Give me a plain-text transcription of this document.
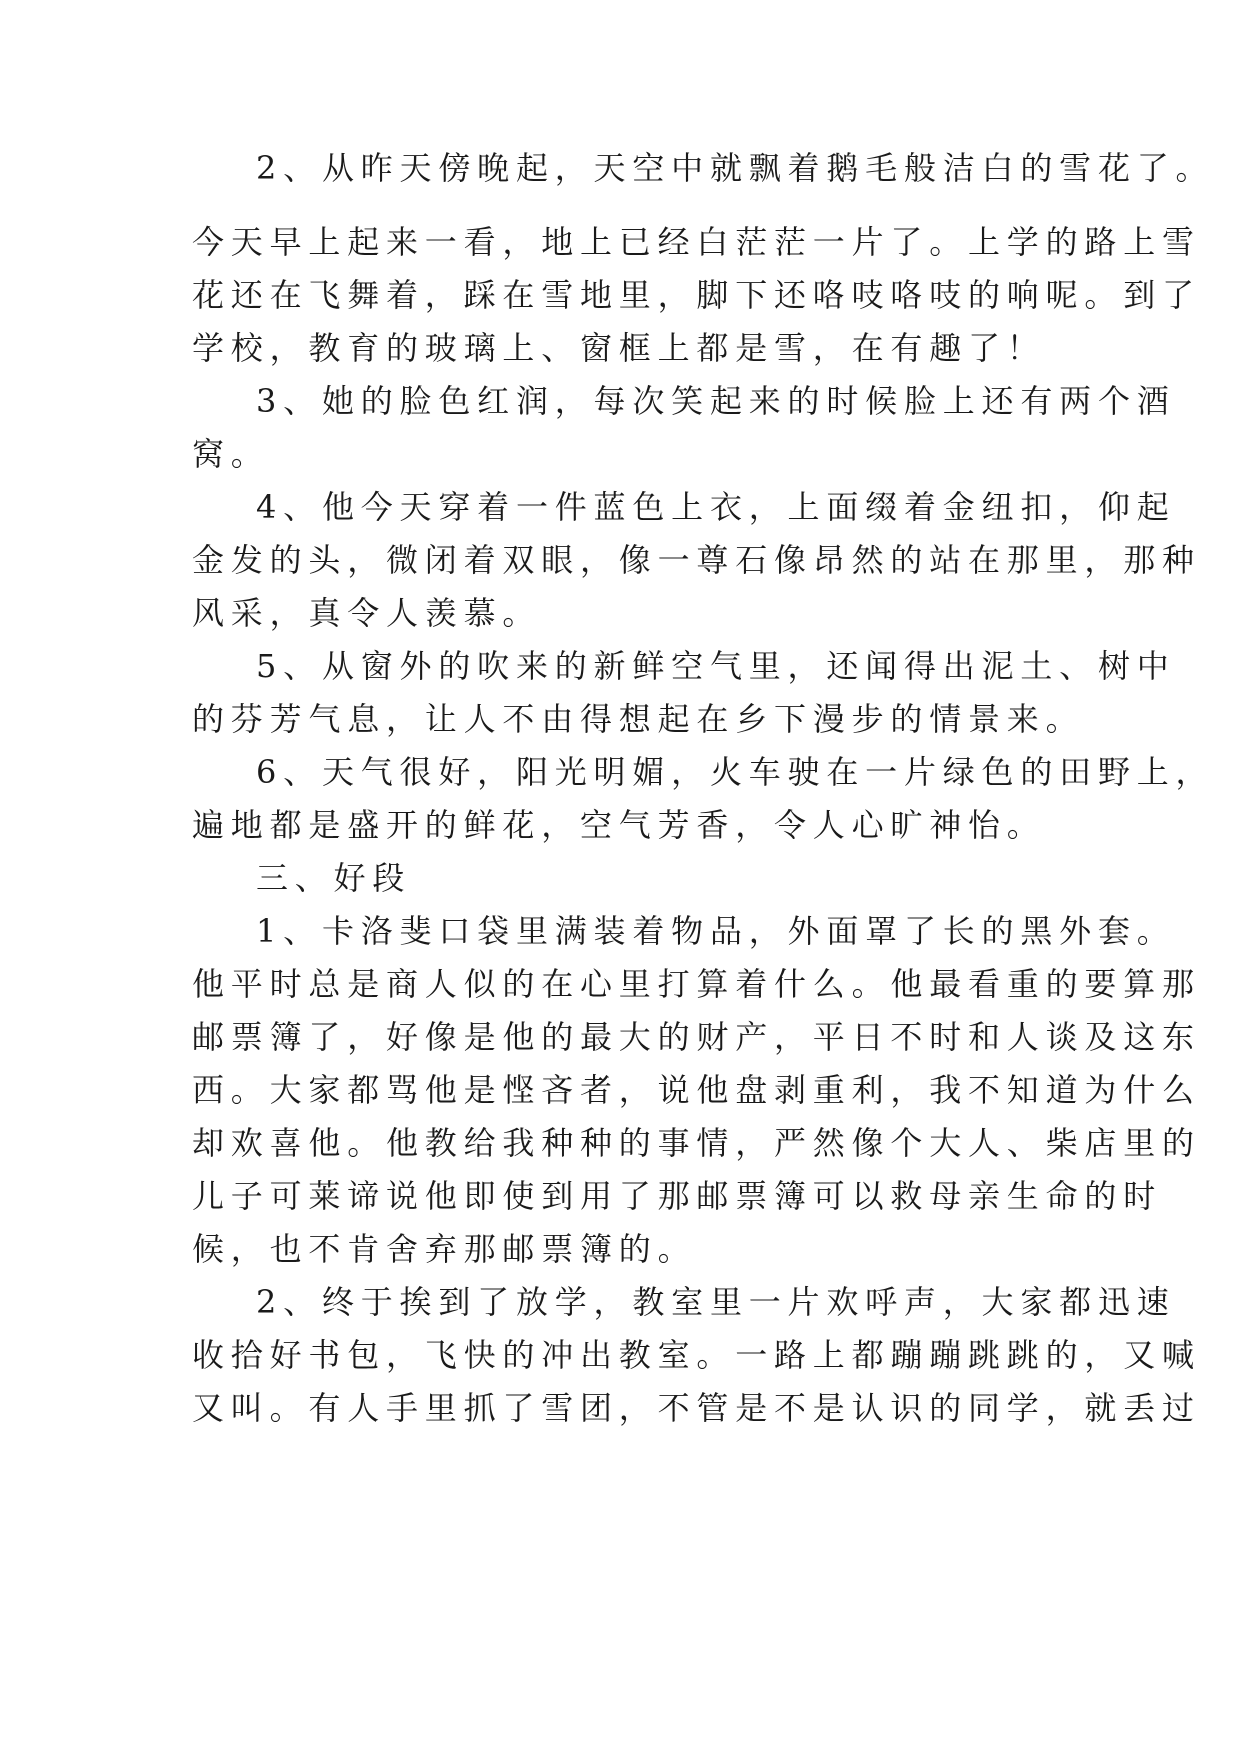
2、从昨天傍晚起，天空中就飘着鹅毛般洁白的雪花了。
今天早上起来一看，地上已经白茫茫一片了。上学的路上雪
花还在飞舞着，踩在雪地里，脚下还咯吱咯吱的响呢。到了
学校，教育的玻璃上、窗框上都是雪，在有趣了！
3、她的脸色红润，每次笑起来的时候脸上还有两个酒
窝。
4、他今天穿着一件蓝色上衣，上面缀着金纽扣，仰起
金发的头，微闭着双眼，像一尊石像昂然的站在那里，那种
风采，真令人羡慕。
5、从窗外的吹来的新鲜空气里，还闻得出泥土、树中
的芬芳气息，让人不由得想起在乡下漫步的情景来。
6、天气很好，阳光明媚，火车驶在一片绿色的田野上，
遍地都是盛开的鲜花，空气芳香，令人心旷神怡。
三、好段
1、卡洛斐口袋里满装着物品，外面罩了长的黑外套。
他平时总是商人似的在心里打算着什么。他最看重的要算那
邮票簿了，好像是他的最大的财产，平日不时和人谈及这东
西。大家都骂他是悭吝者，说他盘剥重利，我不知道为什么
却欢喜他。他教给我种种的事情，严然像个大人、柴店里的
儿子可莱谛说他即使到用了那邮票簿可以救母亲生命的时
候，也不肯舍弃那邮票簿的。
2、终于挨到了放学，教室里一片欢呼声，大家都迅速
收拾好书包，飞快的冲出教室。一路上都蹦蹦跳跳的，又喊
又叫。有人手里抓了雪团，不管是不是认识的同学，就丢过
